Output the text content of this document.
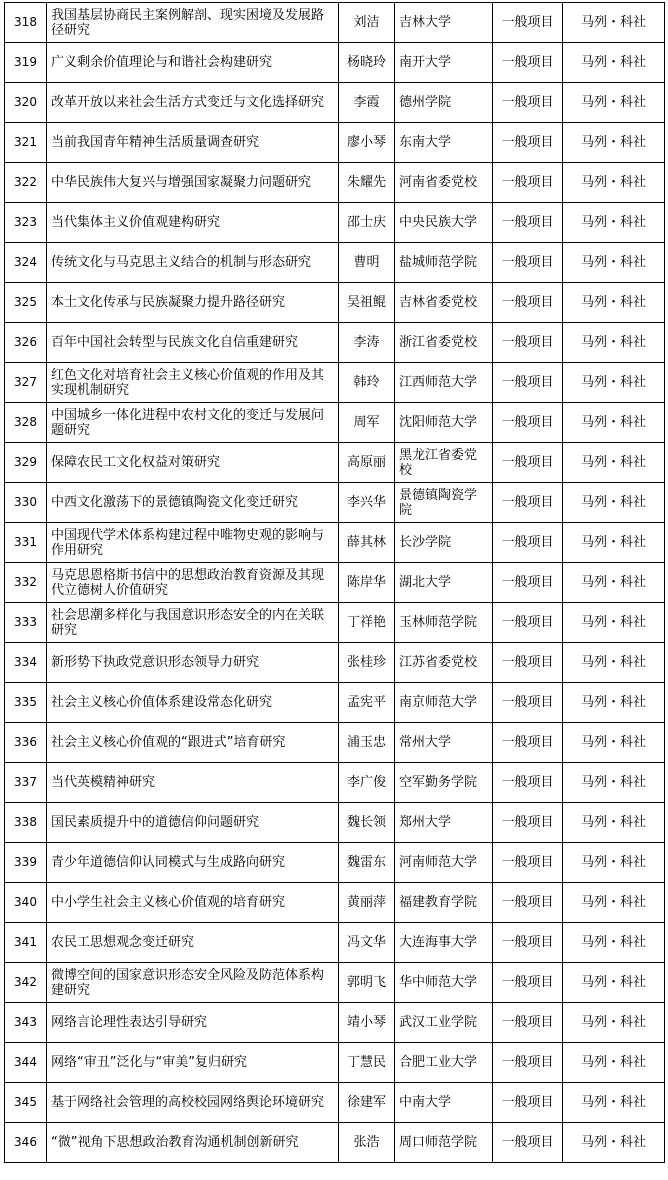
318	我国基层协商民主案例解剖、现实困境及发展路径研究	刘洁	吉林大学	一般项目	马列・科社
319	广义剩余价值理论与和谐社会构建研究	杨晓玲	南开大学	一般项目	马列・科社
320	改革开放以来社会生活方式变迁与文化选择研究	李霞	德州学院	一般项目	马列・科社
321	当前我国青年精神生活质量调查研究	廖小琴	东南大学	一般项目	马列・科社
322	中华民族伟大复兴与增强国家凝聚力问题研究	朱耀先	河南省委党校	一般项目	马列・科社
323	当代集体主义价值观建构研究	邵士庆	中央民族大学	一般项目	马列・科社
324	传统文化与马克思主义结合的机制与形态研究	曹明	盐城师范学院	一般项目	马列・科社
325	本土文化传承与民族凝聚力提升路径研究	吴祖鲲	吉林省委党校	一般项目	马列・科社
326	百年中国社会转型与民族文化自信重建研究	李涛	浙江省委党校	一般项目	马列・科社
327	红色文化对培育社会主义核心价值观的作用及其实现机制研究	韩玲	江西师范大学	一般项目	马列・科社
328	中国城乡一体化进程中农村文化的变迁与发展问题研究	周军	沈阳师范大学	一般项目	马列・科社
329	保障农民工文化权益对策研究	高原丽	黑龙江省委党校	一般项目	马列・科社
330	中西文化激荡下的景德镇陶瓷文化变迁研究	李兴华	景德镇陶瓷学院	一般项目	马列・科社
331	中国现代学术体系构建过程中唯物史观的影响与作用研究	薛其林	长沙学院	一般项目	马列・科社
332	马克思恩格斯书信中的思想政治教育资源及其现代立德树人价值研究	陈岸华	湖北大学	一般项目	马列・科社
333	社会思潮多样化与我国意识形态安全的内在关联研究	丁祥艳	玉林师范学院	一般项目	马列・科社
334	新形势下执政党意识形态领导力研究	张桂珍	江苏省委党校	一般项目	马列・科社
335	社会主义核心价值体系建设常态化研究	孟宪平	南京师范大学	一般项目	马列・科社
336	社会主义核心价值观的“跟进式”培育研究	浦玉忠	常州大学	一般项目	马列・科社
337	当代英模精神研究	李广俊	空军勤务学院	一般项目	马列・科社
338	国民素质提升中的道德信仰问题研究	魏长领	郑州大学	一般项目	马列・科社
339	青少年道德信仰认同模式与生成路向研究	魏雷东	河南师范大学	一般项目	马列・科社
340	中小学生社会主义核心价值观的培育研究	黄丽萍	福建教育学院	一般项目	马列・科社
341	农民工思想观念变迁研究	冯文华	大连海事大学	一般项目	马列・科社
342	微博空间的国家意识形态安全风险及防范体系构建研究	郭明飞	华中师范大学	一般项目	马列・科社
343	网络言论理性表达引导研究	靖小琴	武汉工业学院	一般项目	马列・科社
344	网络“审丑”泛化与“审美”复归研究	丁慧民	合肥工业大学	一般项目	马列・科社
345	基于网络社会管理的高校校园网络舆论环境研究	徐建军	中南大学	一般项目	马列・科社
346	“微”视角下思想政治教育沟通机制创新研究	张浩	周口师范学院	一般项目	马列・科社
